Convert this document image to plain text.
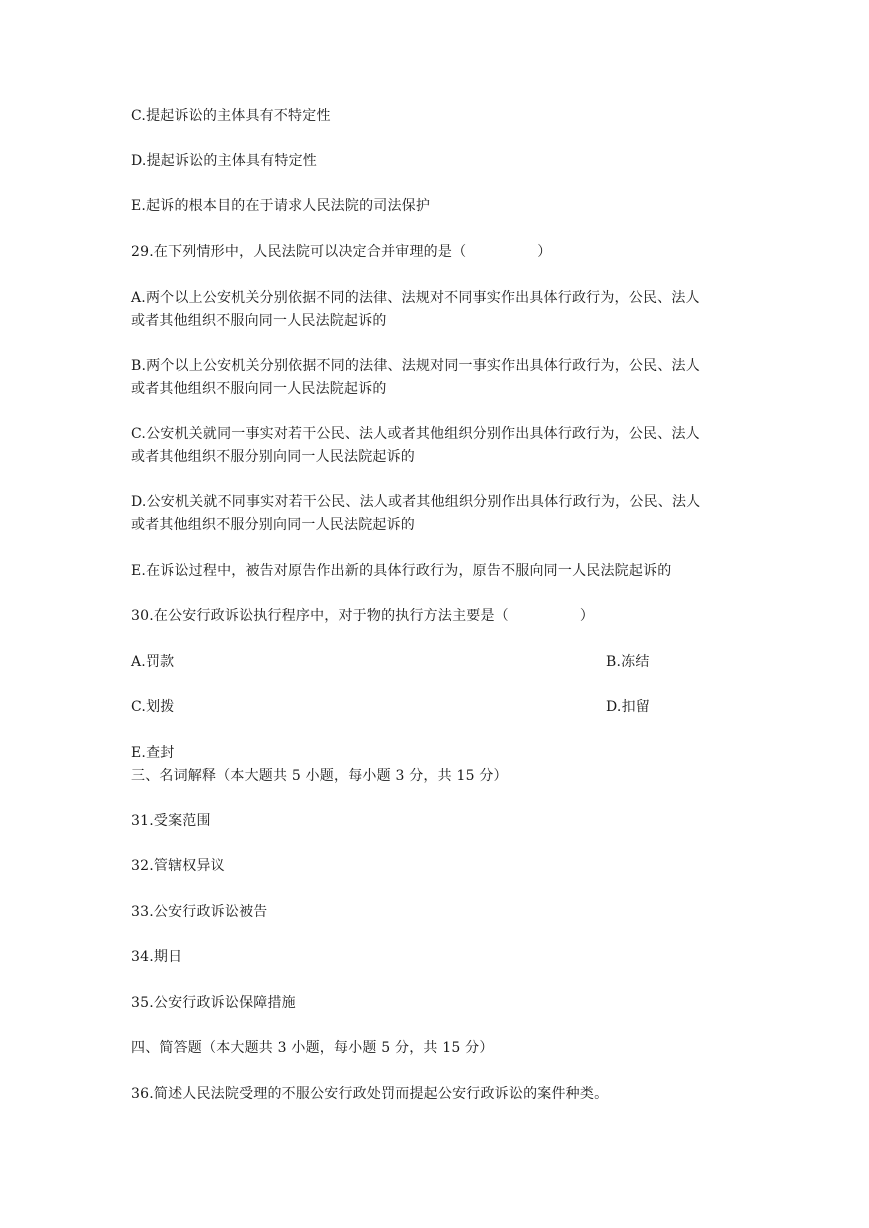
C.提起诉讼的主体具有不特定性
D.提起诉讼的主体具有特定性
E.起诉的根本目的在于请求人民法院的司法保护
29.在下列情形中，人民法院可以决定合并审理的是（　　　　　）
A.两个以上公安机关分别依据不同的法律、法规对不同事实作出具体行政行为，公民、法人
或者其他组织不服向同一人民法院起诉的
B.两个以上公安机关分别依据不同的法律、法规对同一事实作出具体行政行为，公民、法人
或者其他组织不服向同一人民法院起诉的
C.公安机关就同一事实对若干公民、法人或者其他组织分别作出具体行政行为，公民、法人
或者其他组织不服分别向同一人民法院起诉的
D.公安机关就不同事实对若干公民、法人或者其他组织分别作出具体行政行为，公民、法人
或者其他组织不服分别向同一人民法院起诉的
E.在诉讼过程中，被告对原告作出新的具体行政行为，原告不服向同一人民法院起诉的
30.在公安行政诉讼执行程序中，对于物的执行方法主要是（　　　　　）
A.罚款	B.冻结
C.划拨	D.扣留
E.查封
三、名词解释（本大题共 5 小题，每小题 3 分，共 15 分）
31.受案范围
32.管辖权异议
33.公安行政诉讼被告
34.期日
35.公安行政诉讼保障措施
四、简答题（本大题共 3 小题，每小题 5 分，共 15 分）
36.简述人民法院受理的不服公安行政处罚而提起公安行政诉讼的案件种类。
